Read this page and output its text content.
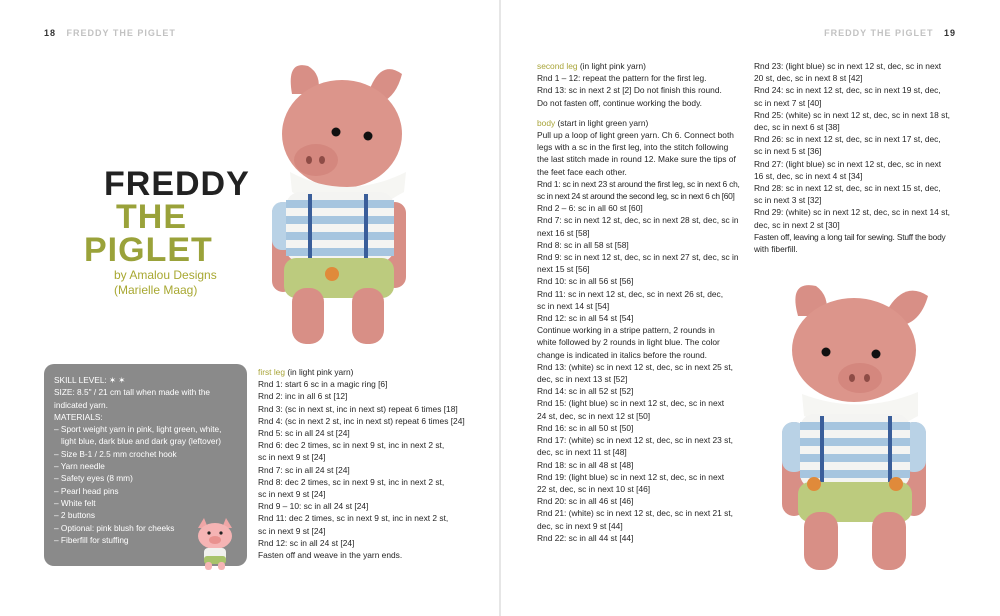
18 FREDDY THE PIGLET	FREDDY THE PIGLET 19
FREDDY
THE
PIGLET
by Amalou Designs
(Marielle Maag)
SKILL LEVEL: ✶ ✶
SIZE: 8.5" / 21 cm tall when made with the
indicated yarn.
MATERIALS:
– Sport weight yarn in pink, light green, white,
light blue, dark blue and dark gray (leftover)
– Size B-1 / 2.5 mm crochet hook
– Yarn needle
– Safety eyes (8 mm)
– Pearl head pins
– White felt
– 2 buttons
– Optional: pink blush for cheeks
– Fiberfill for stuffing
first leg (in light pink yarn)
Rnd 1: start 6 sc in a magic ring [6]
Rnd 2: inc in all 6 st [12]
Rnd 3: (sc in next st, inc in next st) repeat 6 times [18]
Rnd 4: (sc in next 2 st, inc in next st) repeat 6 times [24]
Rnd 5: sc in all 24 st [24]
Rnd 6: dec 2 times, sc in next 9 st, inc in next 2 st,
sc in next 9 st [24]
Rnd 7: sc in all 24 st [24]
Rnd 8: dec 2 times, sc in next 9 st, inc in next 2 st,
sc in next 9 st [24]
Rnd 9 – 10: sc in all 24 st [24]
Rnd 11: dec 2 times, sc in next 9 st, inc in next 2 st,
sc in next 9 st [24]
Rnd 12: sc in all 24 st [24]
Fasten off and weave in the yarn ends.
second leg (in light pink yarn)
Rnd 1 – 12: repeat the pattern for the first leg.
Rnd 13: sc in next 2 st [2] Do not finish this round.
Do not fasten off, continue working the body.
body (start in light green yarn)
Pull up a loop of light green yarn. Ch 6. Connect both
legs with a sc in the first leg, into the stitch following
the last stitch made in round 12. Make sure the tips of
the feet face each other.
Rnd 1: sc in next 23 st around the first leg, sc in next 6 ch,
sc in next 24 st around the second leg, sc in next 6 ch [60]
Rnd 2 – 6: sc in all 60 st [60]
Rnd 7: sc in next 12 st, dec, sc in next 28 st, dec, sc in
next 16 st [58]
Rnd 8: sc in all 58 st [58]
Rnd 9: sc in next 12 st, dec, sc in next 27 st, dec, sc in
next 15 st [56]
Rnd 10: sc in all 56 st [56]
Rnd 11: sc in next 12 st, dec, sc in next 26 st, dec,
sc in next 14 st [54]
Rnd 12: sc in all 54 st [54]
Continue working in a stripe pattern, 2 rounds in
white followed by 2 rounds in light blue. The color
change is indicated in italics before the round.
Rnd 13: (white) sc in next 12 st, dec, sc in next 25 st,
dec, sc in next 13 st [52]
Rnd 14: sc in all 52 st [52]
Rnd 15: (light blue) sc in next 12 st, dec, sc in next
24 st, dec, sc in next 12 st [50]
Rnd 16: sc in all 50 st [50]
Rnd 17: (white) sc in next 12 st, dec, sc in next 23 st,
dec, sc in next 11 st [48]
Rnd 18: sc in all 48 st [48]
Rnd 19: (light blue) sc in next 12 st, dec, sc in next
22 st, dec, sc in next 10 st [46]
Rnd 20: sc in all 46 st [46]
Rnd 21: (white) sc in next 12 st, dec, sc in next 21 st,
dec, sc in next 9 st [44]
Rnd 22: sc in all 44 st [44]
Rnd 23: (light blue) sc in next 12 st, dec, sc in next
20 st, dec, sc in next 8 st [42]
Rnd 24: sc in next 12 st, dec, sc in next 19 st, dec,
sc in next 7 st [40]
Rnd 25: (white) sc in next 12 st, dec, sc in next 18 st,
dec, sc in next 6 st [38]
Rnd 26: sc in next 12 st, dec, sc in next 17 st, dec,
sc in next 5 st [36]
Rnd 27: (light blue) sc in next 12 st, dec, sc in next
16 st, dec, sc in next 4 st [34]
Rnd 28: sc in next 12 st, dec, sc in next 15 st, dec,
sc in next 3 st [32]
Rnd 29: (white) sc in next 12 st, dec, sc in next 14 st,
dec, sc in next 2 st [30]
Fasten off, leaving a long tail for sewing. Stuff the body
with fiberfill.
